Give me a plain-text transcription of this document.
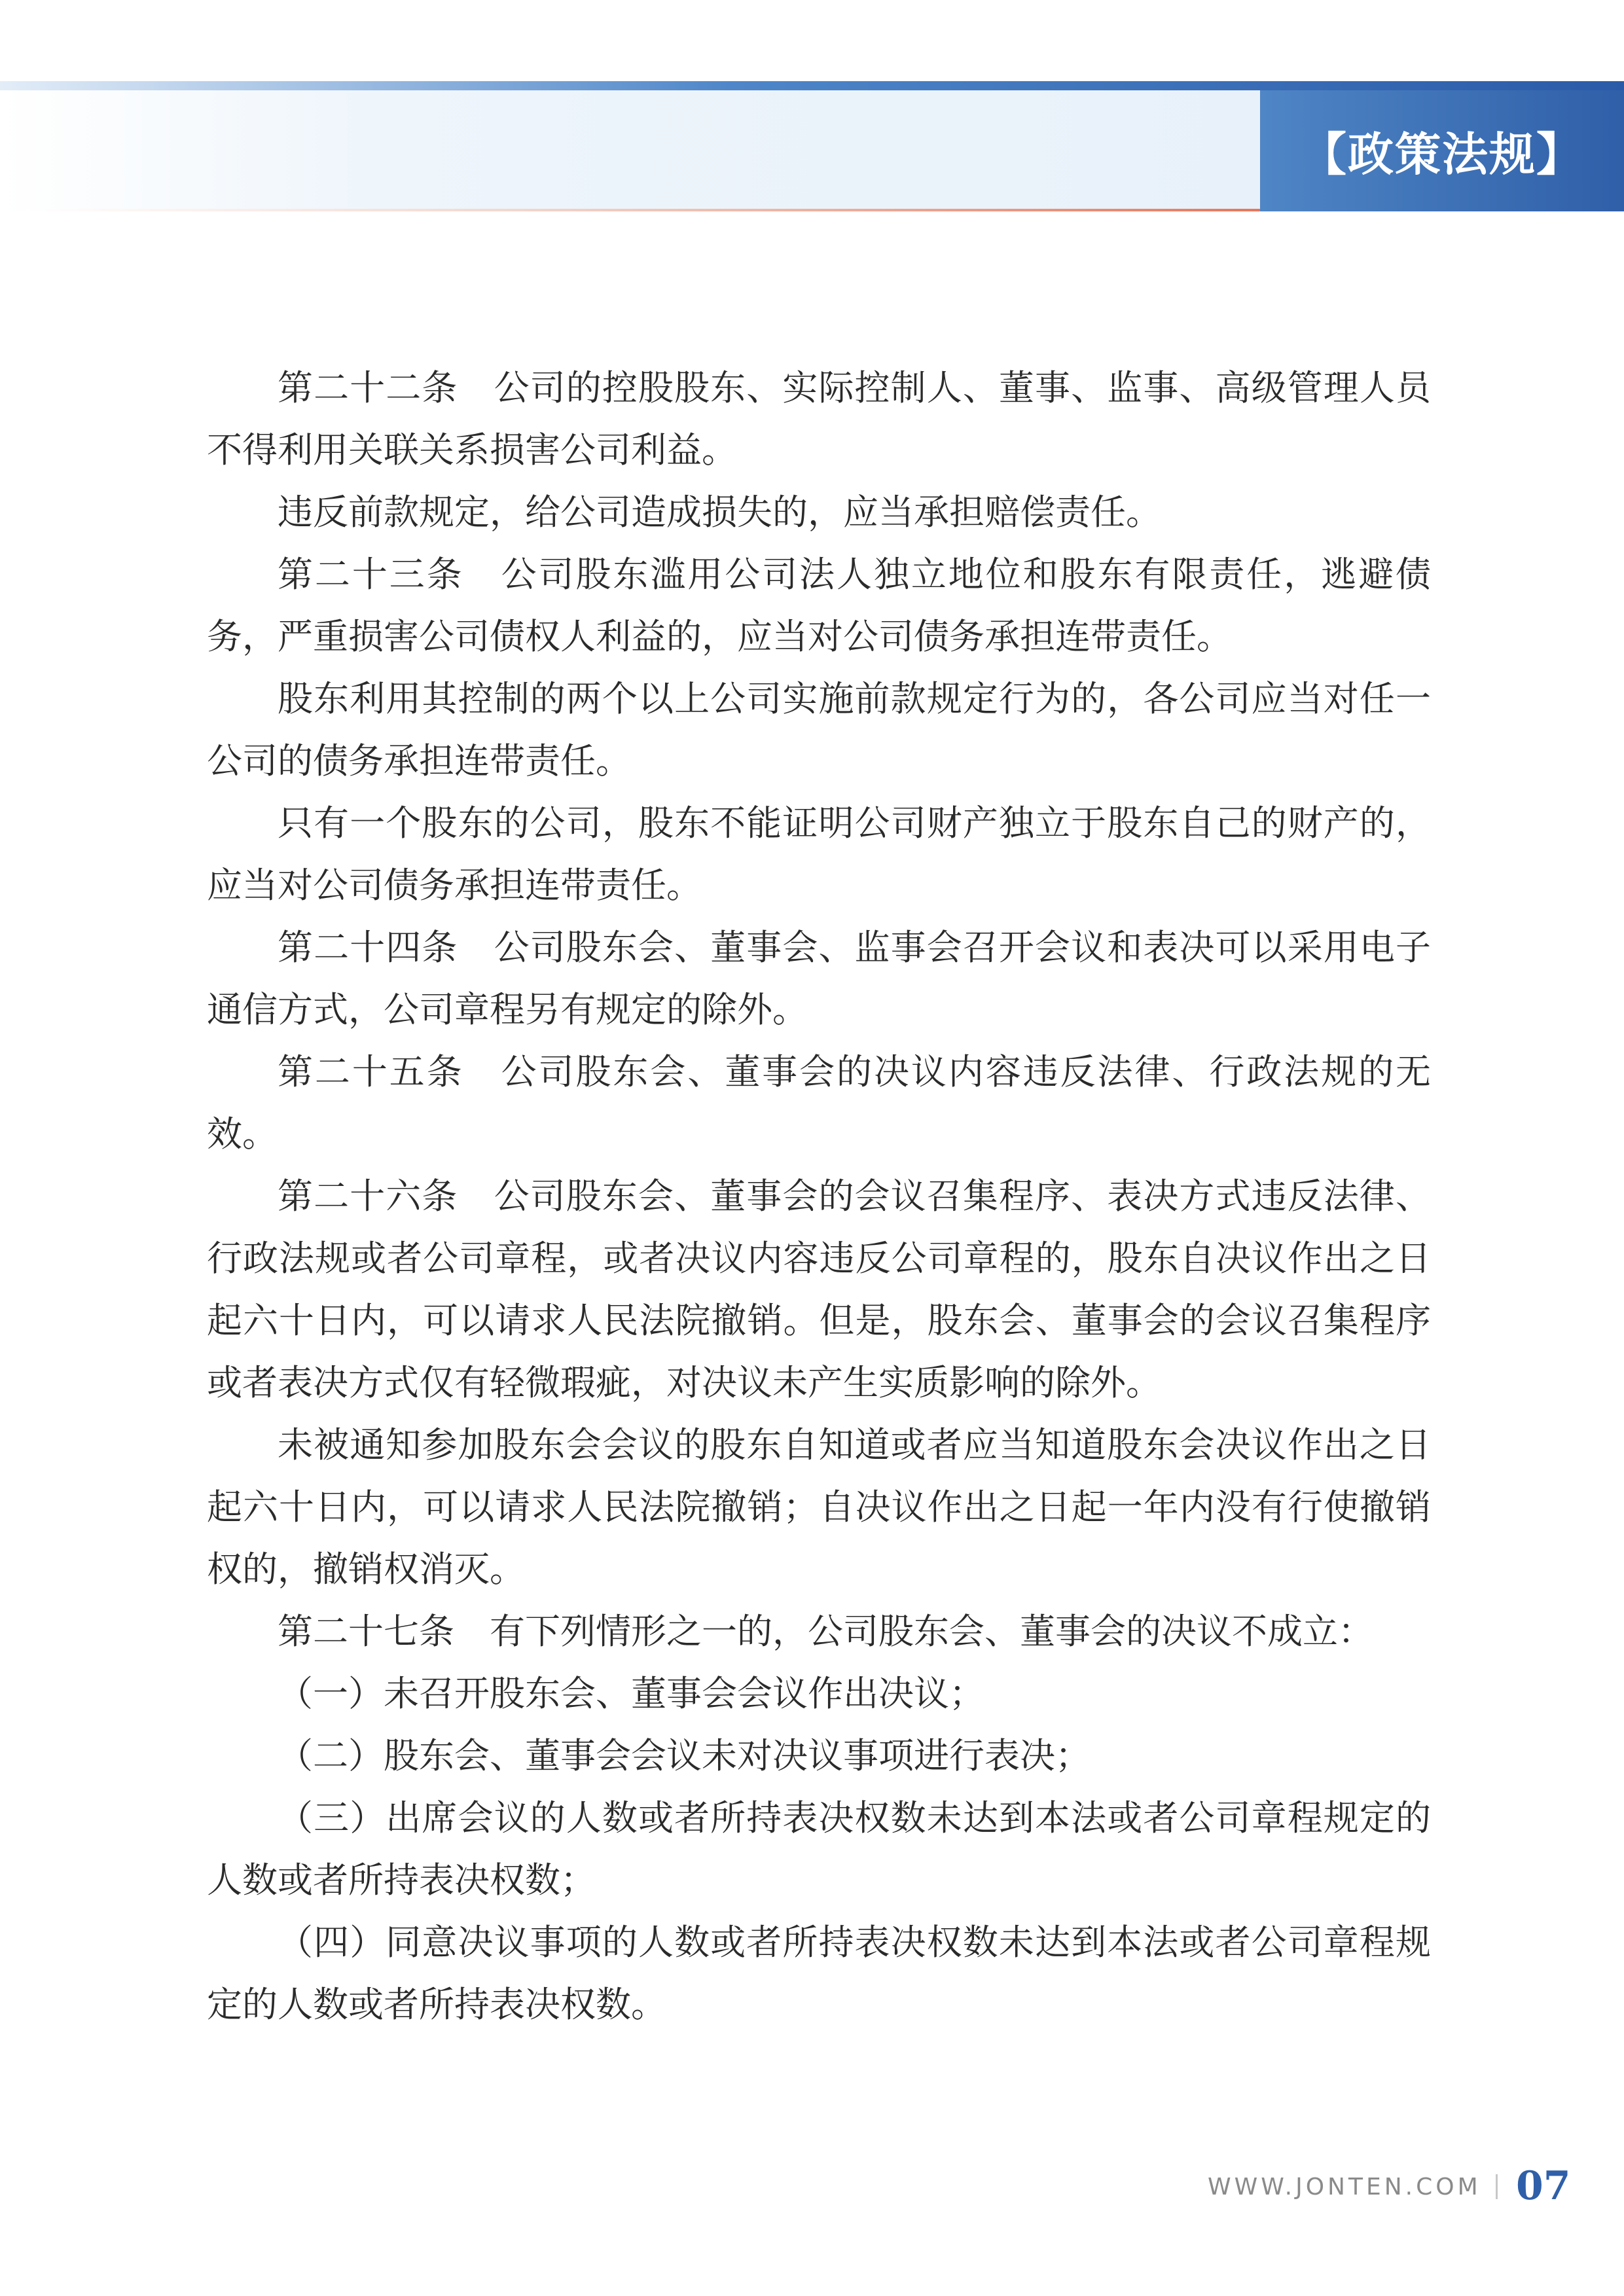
【政策法规】

第二十二条 公司的控股股东、实际控制人、董事、监事、高级管理人员不得利用关联关系损害公司利益。

违反前款规定，给公司造成损失的，应当承担赔偿责任。

第二十三条 公司股东滥用公司法人独立地位和股东有限责任，逃避债务，严重损害公司债权人利益的，应当对公司债务承担连带责任。

股东利用其控制的两个以上公司实施前款规定行为的，各公司应当对任一公司的债务承担连带责任。

只有一个股东的公司，股东不能证明公司财产独立于股东自己的财产的，应当对公司债务承担连带责任。

第二十四条 公司股东会、董事会、监事会召开会议和表决可以采用电子通信方式，公司章程另有规定的除外。

第二十五条 公司股东会、董事会的决议内容违反法律、行政法规的无效。

第二十六条 公司股东会、董事会的会议召集程序、表决方式违反法律、行政法规或者公司章程，或者决议内容违反公司章程的，股东自决议作出之日起六十日内，可以请求人民法院撤销。但是，股东会、董事会的会议召集程序或者表决方式仅有轻微瑕疵，对决议未产生实质影响的除外。

未被通知参加股东会会议的股东自知道或者应当知道股东会决议作出之日起六十日内，可以请求人民法院撤销；自决议作出之日起一年内没有行使撤销权的，撤销权消灭。

第二十七条 有下列情形之一的，公司股东会、董事会的决议不成立：

（一）未召开股东会、董事会会议作出决议；

（二）股东会、董事会会议未对决议事项进行表决；

（三）出席会议的人数或者所持表决权数未达到本法或者公司章程规定的人数或者所持表决权数；

（四）同意决议事项的人数或者所持表决权数未达到本法或者公司章程规定的人数或者所持表决权数。

WWW.JONTEN.COM 07
